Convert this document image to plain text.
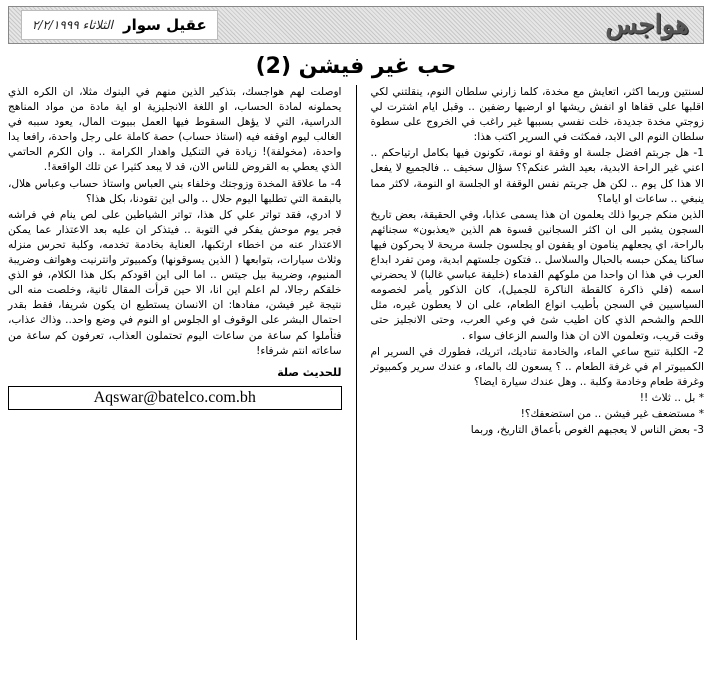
هواجس
عقيل سوار
الثلاثاء ٢/٢/١٩٩٩
حب غير فيشن (2)

لسنتين وربما اكثر، اتعايش مع مخدة، كلما زارني سلطان النوم، ينقلتني لكي اقلبها على قفاها او انفش ريشها او ارضيها رضفين .. وقبل ايام اشترت لي زوجتي مخدة جديدة، خلت نفسي بسببها غير راغب في الخروج على سطوة سلطان النوم الى الابد، فمكثت في السرير اكتب هذا:

1- هل جربتم افضل جلسة او وقفة او نومة، تكونون فيها بكامل ارتياحكم .. اعني غير الراحة الابدية، بعيد الشر عنكم؟؟ سؤال سخيف .. فالجميع لا يفعل الا هذا كل يوم .. لكن هل جربتم نفس الوقفة او الجلسة او النومة، لاكثر مما ينبغي .. ساعات او اياما؟

الذين منكم جربوا ذلك يعلمون ان هذا يسمى عذابا، وفي الحقيقة، بعض تاريخ السجون يشير الى ان اكثر السجانين قسوة هم الذين «يعذبون» سجنائهم بالراحة، اي يجعلهم ينامون او يقفون او يجلسون جلسة مريحة لا يحركون فيها ساكنا يمكن حبسه بالحبال والسلاسل .. فتكون جلستهم ابدية، ومن تفرد ابداع العرب في هذا ان واحدا من ملوكهم القدماء (خليفة عباسي غالبا) لا يحضرني اسمه (فلي ذاكرة كالقطة الناكرة للجميل)، كان الذكور يأمر لخصومه السياسيين في السجن بأطيب انواع الطعام، على ان لا يعطون غيره، مثل اللحم والشحم الذي كان اطيب شئ في وعي العرب، وحتى الانجليز حتى وقت قريب، وتعلمون الان ان هذا والسم الزعاف سواء .

2- الكلبة تنبح ساعي الماء، والخادمة تناديك، اتريك، فطورك في السرير ام الكمبيوتر ام في غرفة الطعام .. ؟ يسعون لك بالماء، و عندك سرير وكمبيوتر وغرفة طعام وخادمة وكلبة .. وهل عندك سيارة ايضا؟

* بل .. ثلاث !!

* مستضعف غير فيشن .. من استضعفك؟!

3- بعض الناس لا يعجبهم الغوص بأعماق التاريخ، وربما

اوصلت لهم هواجسك، بتذكير الذين منهم في البنوك مثلا، ان الكره الذي يحملونه لمادة الحساب، او اللغة الانجليزية او اية مادة من مواد المناهج الدراسية، التي لا يؤهل السقوط فيها العمل ببيوت المال، يعود سببه في الغالب ليوم اوقفه فيه (استاذ حساب) حصة كاملة على رجل واحدة، رافعا يدا واحدة، (مخولفة)! زيادة في التنكيل واهدار الكرامة .. وان الكرم الحاتمي الذي يعطي به القروض للناس الان، قد لا يبعد كثيرا عن تلك الواقعة!.

4- ما علاقة المخدة وزوجتك وخلفاء بني العباس واستاذ حساب وعباس هلال، بالبقمة التي تطلبها اليوم حلال .. والى اين تقودنا، بكل هذا؟

لا ادري، فقد تواتر علي كل هذا، تواتر الشياطين على لص ينام في فراشه فجر يوم موحش يفكر في التوبة .. فيتذكر ان عليه بعد الاعتذار عما يمكن الاعتذار عنه من اخطاء ارتكبها، العناية بخادمة تخدمه، وكلبة تحرس منزله وثلاث سيارات، بتوابعها ( الذين يسوقونها) وكمبيوتر وانترنيت وهواتف وضريبة المنيوم، وضريبة بيل جيتس .. اما الى اين اقودكم بكل هذا الكلام، فو الذي خلقكم رجالا، لم اعلم اين انا، الا حين قرأت المقال ثانية، وخلصت منه الى نتيجة غير فيشن، مفادها: ان الانسان يستطيع ان يكون شريفا، فقط بقدر احتمال البشر على الوقوف او الجلوس او النوم في وضع واحد.. وذاك عذاب، فتأملوا كم ساعة من ساعات اليوم تحتملون العذاب، تعرفون كم ساعة من ساعاته انتم شرفاء!

للحديث صلة
Aqswar@batelco.com.bh
